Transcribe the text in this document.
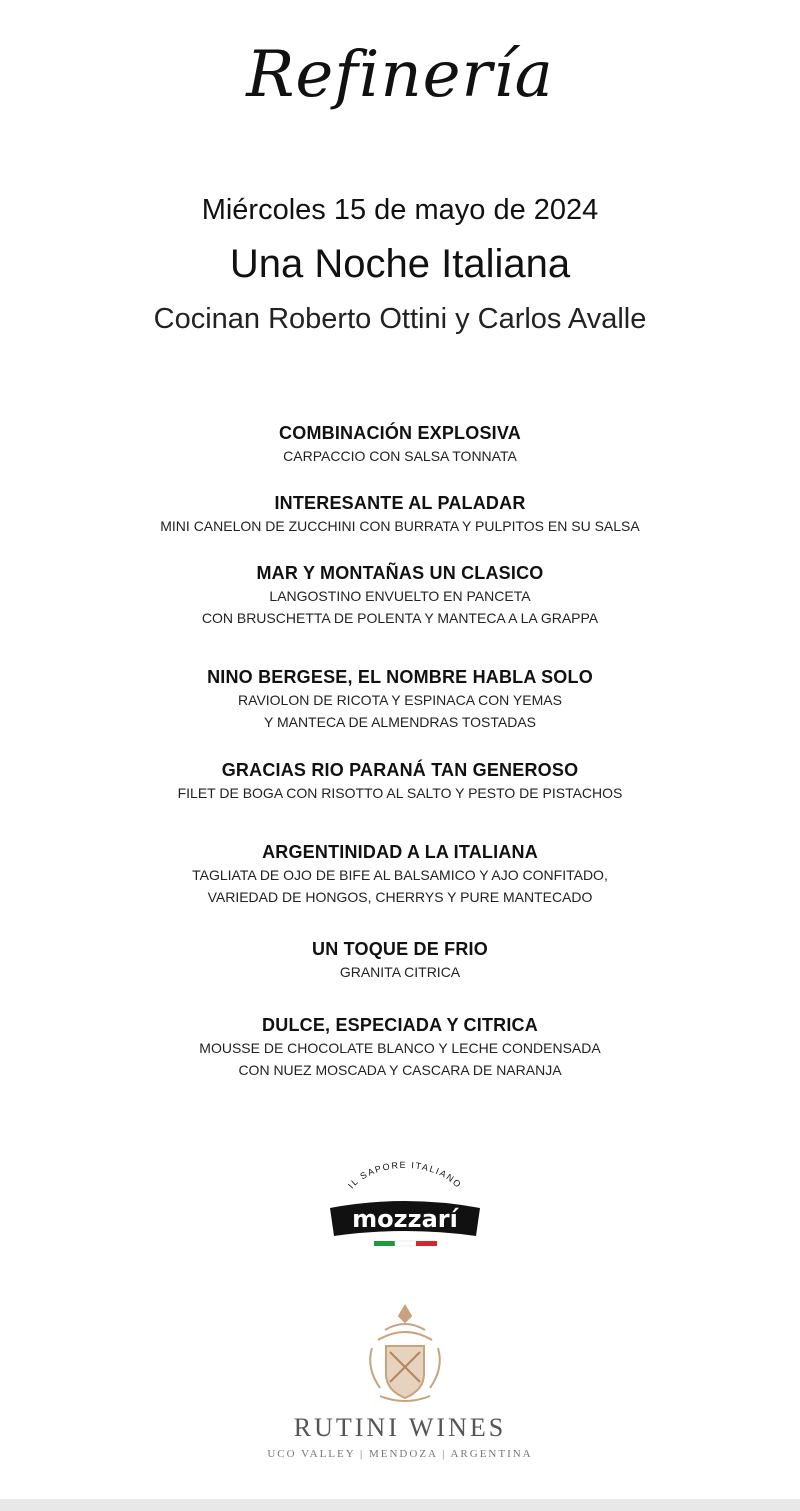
Refinería
Miércoles 15 de mayo de 2024
Una Noche Italiana
Cocinan Roberto Ottini y Carlos Avalle
COMBINACIÓN EXPLOSIVA

CARPACCIO CON SALSA TONNATA

INTERESANTE AL PALADAR

MINI CANELON DE ZUCCHINI CON BURRATA Y PULPITOS EN SU SALSA

MAR Y MONTAÑAS UN CLASICO

LANGOSTINO ENVUELTO EN PANCETA

CON BRUSCHETTA DE POLENTA Y MANTECA A LA GRAPPA

NINO BERGESE, EL NOMBRE HABLA SOLO

RAVIOLON DE RICOTA Y ESPINACA CON YEMAS

Y MANTECA DE ALMENDRAS TOSTADAS

GRACIAS RIO PARANÁ TAN GENEROSO

FILET DE BOGA CON RISOTTO AL SALTO Y PESTO DE PISTACHOS

ARGENTINIDAD A LA ITALIANA

TAGLIATA DE OJO DE BIFE AL BALSAMICO Y AJO CONFITADO,

VARIEDAD DE HONGOS, CHERRYS Y PURE MANTECADO

UN TOQUE DE FRIO

GRANITA CITRICA

DULCE, ESPECIADA Y CITRICA

MOUSSE DE CHOCOLATE BLANCO Y LECHE CONDENSADA

CON NUEZ MOSCADA Y CASCARA DE NARANJA

IL SAPORE ITALIANO
mozzarí
RUTINI WINES
UCO VALLEY | MENDOZA | ARGENTINA
